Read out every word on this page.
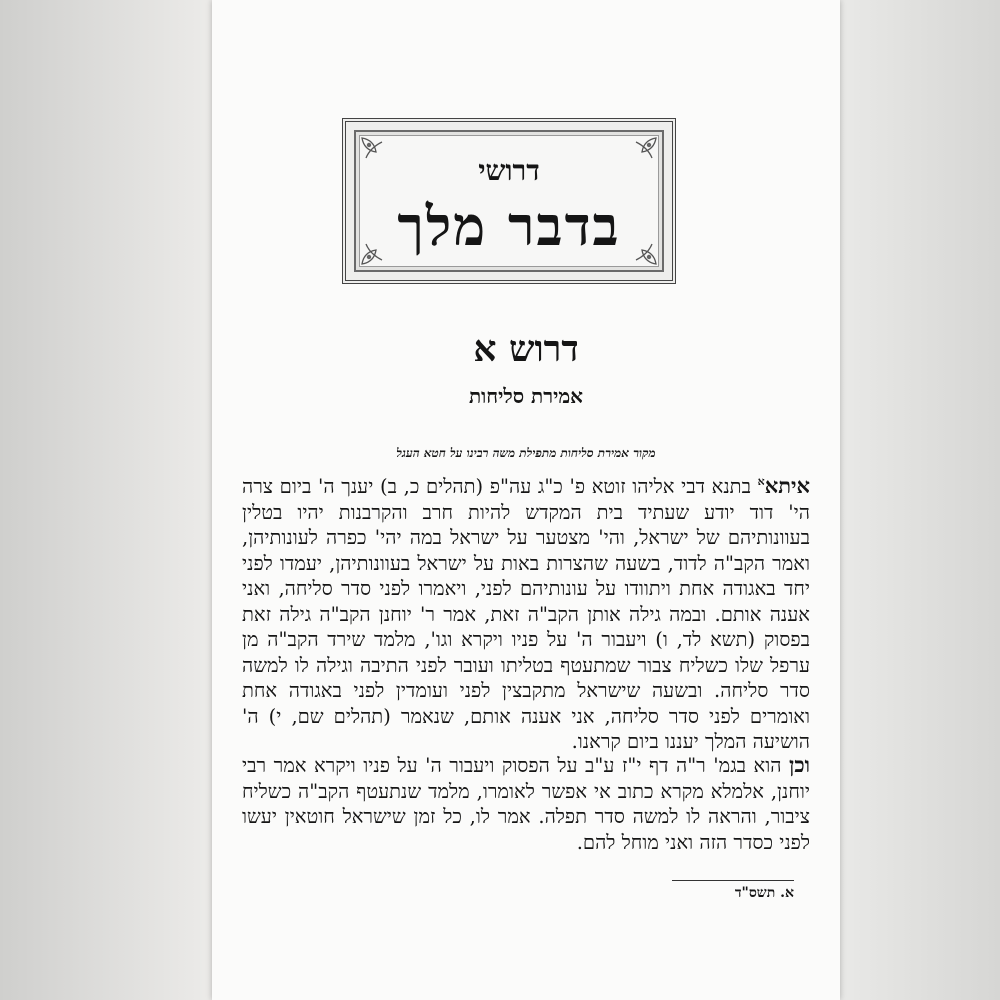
דרושי
בדבר מלך
דרוש א
אמירת סליחות
מקור אמירת סליחות מתפילת משה רבינו על חטא העגל
איתא$^א$ בתנא דבי אליהו זוטא פ' כ"ג עה"פ (תהלים כ, ב) יענך ה' ביום צרה הי' דוד יודע שעתיד בית המקדש להיות חרב והקרבנות יהיו בטלין בעוונותיהם של ישראל, והי' מצטער על ישראל במה יהי' כפרה לעונותיהן, ואמר הקב"ה לדוד, בשעה שהצרות באות על ישראל בעוונותיהן, יעמדו לפני יחד באגודה אחת ויתוודו על עונותיהם לפני, ויאמרו לפני סדר סליחה, ואני אענה אותם. ובמה גילה אותן הקב"ה זאת, אמר ר' יוחנן הקב"ה גילה זאת בפסוק (תשא לד, ו) ויעבור ה' על פניו ויקרא וגו', מלמד שירד הקב"ה מן ערפל שלו כשליח צבור שמתעטף בטליתו ועובר לפני התיבה וגילה לו למשה סדר סליחה. ובשעה שישראל מתקבצין לפני ועומדין לפני באגודה אחת ואומרים לפני סדר סליחה, אני אענה אותם, שנאמר (תהלים שם, י) ה' הושיעה המלך יעננו ביום קראנו.
וכן הוא בגמ' ר"ה דף י"ז ע"ב על הפסוק ויעבור ה' על פניו ויקרא אמר רבי יוחנן, אלמלא מקרא כתוב אי אפשר לאומרו, מלמד שנתעטף הקב"ה כשליח ציבור, והראה לו למשה סדר תפלה. אמר לו, כל זמן שישראל חוטאין יעשו לפני כסדר הזה ואני מוחל להם.
א. תשס"ד
